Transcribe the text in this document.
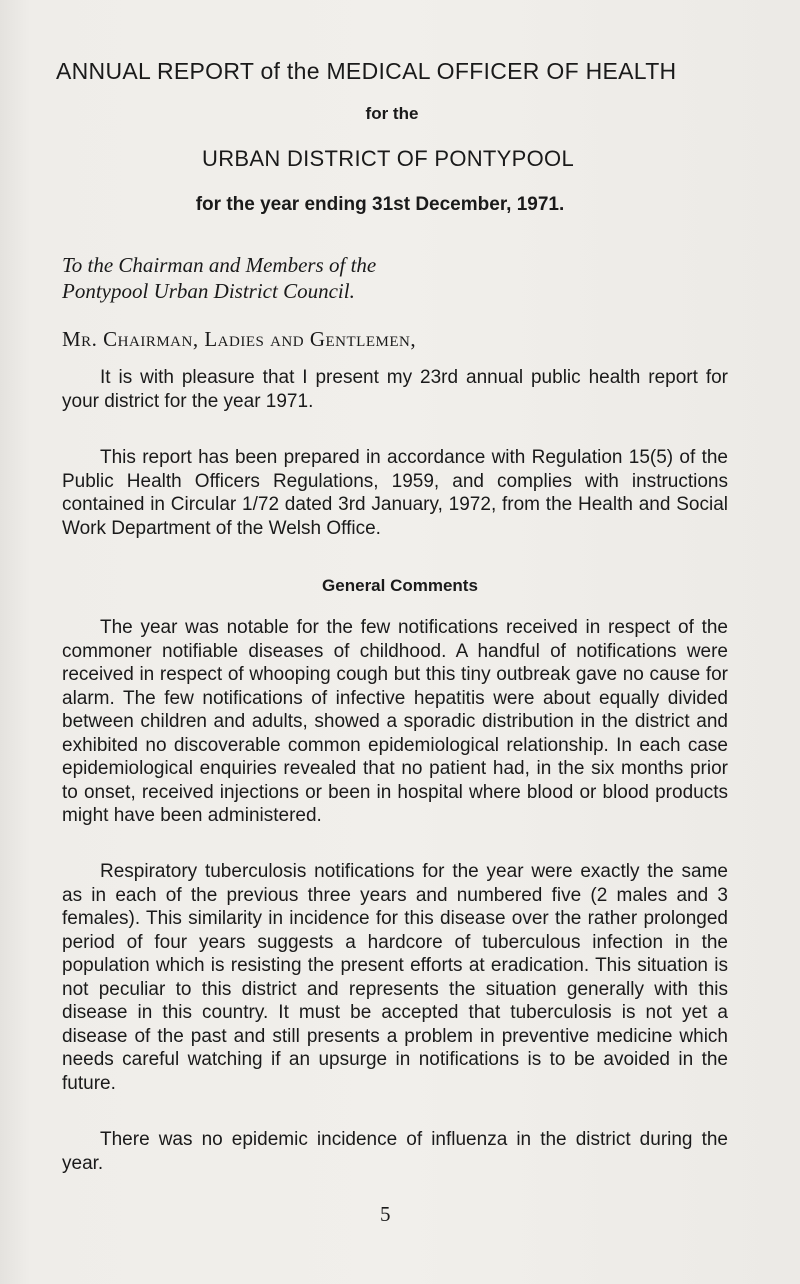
ANNUAL REPORT of the MEDICAL OFFICER OF HEALTH
for the
URBAN DISTRICT OF PONTYPOOL
for the year ending 31st December, 1971.
To the Chairman and Members of the
Pontypool Urban District Council.
Mr. Chairman, Ladies and Gentlemen,

It is with pleasure that I present my 23rd annual public health report for your district for the year 1971.

This report has been prepared in accordance with Regulation 15(5) of the Public Health Officers Regulations, 1959, and complies with instructions contained in Circular 1/72 dated 3rd January, 1972, from the Health and Social Work Department of the Welsh Office.

General Comments

The year was notable for the few notifications received in respect of the commoner notifiable diseases of childhood. A handful of notifications were received in respect of whooping cough but this tiny outbreak gave no cause for alarm. The few notifications of infective hepatitis were about equally divided between children and adults, showed a sporadic distribution in the district and exhibited no discoverable common epidemiological relationship. In each case epidemiological enquiries revealed that no patient had, in the six months prior to onset, received injections or been in hospital where blood or blood products might have been administered.

Respiratory tuberculosis notifications for the year were exactly the same as in each of the previous three years and numbered five (2 males and 3 females). This similarity in incidence for this disease over the rather prolonged period of four years suggests a hardcore of tuberculous infection in the population which is resisting the present efforts at eradication. This situation is not peculiar to this district and represents the situation generally with this disease in this country. It must be accepted that tuberculosis is not yet a disease of the past and still presents a problem in preventive medicine which needs careful watching if an upsurge in notifications is to be avoided in the future.

There was no epidemic incidence of influenza in the district during the year.

5
